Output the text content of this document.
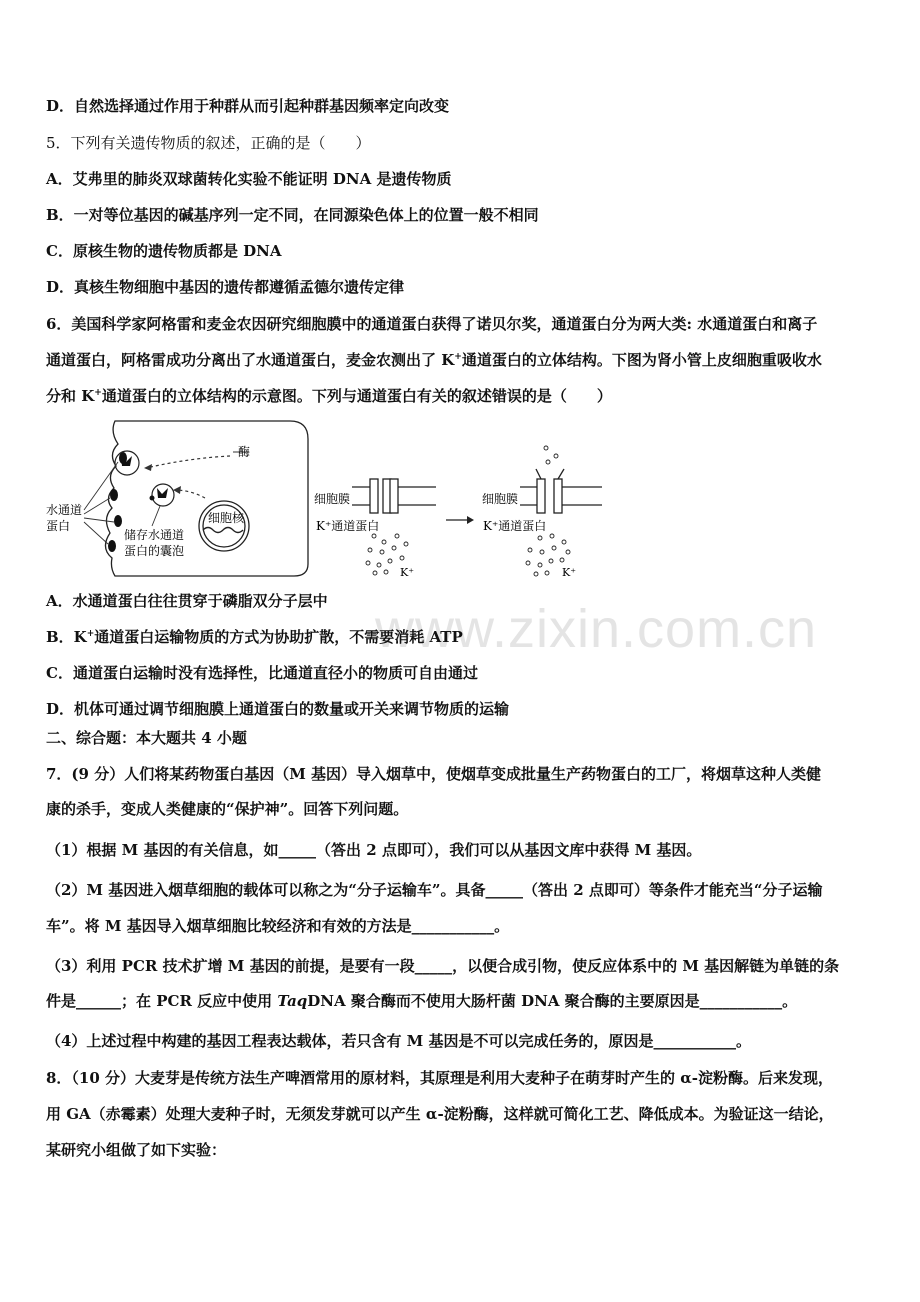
D．自然选择通过作用于种群从而引起种群基因频率定向改变
5．下列有关遗传物质的叙述，正确的是（　　）
A．艾弗里的肺炎双球菌转化实验不能证明 DNA 是遗传物质
B．一对等位基因的碱基序列一定不同，在同源染色体上的位置一般不相同
C．原核生物的遗传物质都是 DNA
D．真核生物细胞中基因的遗传都遵循孟德尔遗传定律
6．美国科学家阿格雷和麦金农因研究细胞膜中的通道蛋白获得了诺贝尔奖，通道蛋白分为两大类: 水通道蛋白和离子
通道蛋白，阿格雷成功分离出了水通道蛋白，麦金农测出了 K+通道蛋白的立体结构。下图为肾小管上皮细胞重吸收水
分和 K+通道蛋白的立体结构的示意图。下列与通道蛋白有关的叙述错误的是（　　）
酶
细胞核
水通道
蛋白
储存水通道
蛋白的囊泡
细胞膜
K⁺通道蛋白
K⁺
细胞膜
K⁺通道蛋白
K⁺
www.zixin.com.cn
A．水通道蛋白往往贯穿于磷脂双分子层中
B．K+通道蛋白运输物质的方式为协助扩散，不需要消耗 ATP
C．通道蛋白运输时没有选择性，比通道直径小的物质可自由通过
D．机体可通过调节细胞膜上通道蛋白的数量或开关来调节物质的运输
二、综合题：本大题共 4 小题
7．(9 分）人们将某药物蛋白基因（M 基因）导入烟草中，使烟草变成批量生产药物蛋白的工厂，将烟草这种人类健
康的杀手，变成人类健康的“保护神”。回答下列问题。
（1）根据 M 基因的有关信息，如_____（答出 2 点即可），我们可以从基因文库中获得 M 基因。
（2）M 基因进入烟草细胞的载体可以称之为“分子运输车”。具备_____（答出 2 点即可）等条件才能充当“分子运输
车”。将 M 基因导入烟草细胞比较经济和有效的方法是___________。
（3）利用 PCR 技术扩增 M 基因的前提，是要有一段_____，以便合成引物，使反应体系中的 M 基因解链为单链的条
件是______；在 PCR 反应中使用 TaqDNA 聚合酶而不使用大肠杆菌 DNA 聚合酶的主要原因是___________。
（4）上述过程中构建的基因工程表达载体，若只含有 M 基因是不可以完成任务的，原因是___________。
8．（10 分）大麦芽是传统方法生产啤酒常用的原材料，其原理是利用大麦种子在萌芽时产生的 α-淀粉酶。后来发现，
用 GA（赤霉素）处理大麦种子时，无须发芽就可以产生 α-淀粉酶，这样就可简化工艺、降低成本。为验证这一结论，
某研究小组做了如下实验：
